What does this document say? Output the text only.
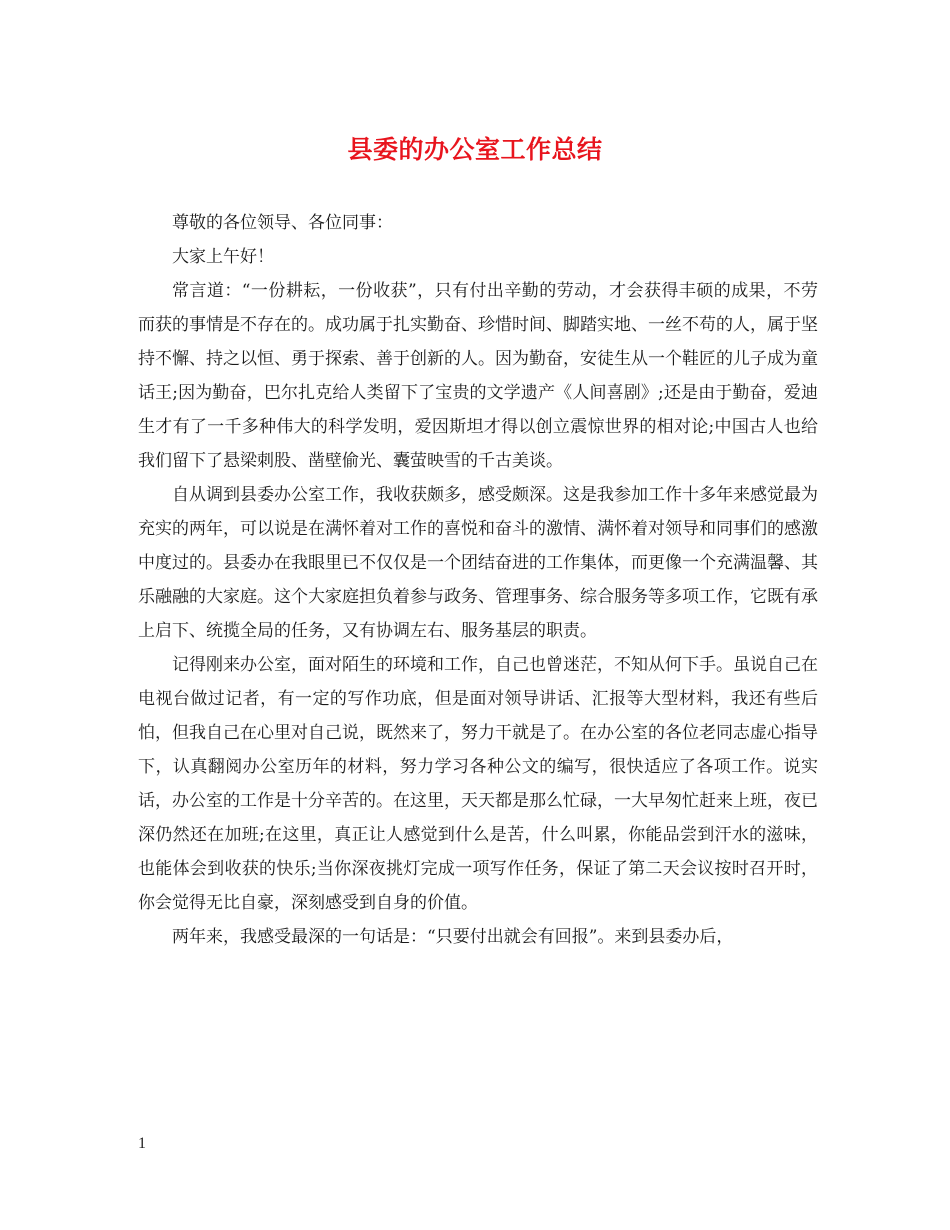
县委的办公室工作总结

尊敬的各位领导、各位同事：

大家上午好！

常言道：“一份耕耘，一份收获”，只有付出辛勤的劳动，才会获得丰硕的成果，不劳而获的事情是不存在的。成功属于扎实勤奋、珍惜时间、脚踏实地、一丝不苟的人，属于坚持不懈、持之以恒、勇于探索、善于创新的人。因为勤奋，安徒生从一个鞋匠的儿子成为童话王;因为勤奋，巴尔扎克给人类留下了宝贵的文学遗产《人间喜剧》;还是由于勤奋，爱迪生才有了一千多种伟大的科学发明，爱因斯坦才得以创立震惊世界的相对论;中国古人也给我们留下了悬梁刺股、凿壁偷光、囊萤映雪的千古美谈。

自从调到县委办公室工作，我收获颇多，感受颇深。这是我参加工作十多年来感觉最为充实的两年，可以说是在满怀着对工作的喜悦和奋斗的激情、满怀着对领导和同事们的感激中度过的。县委办在我眼里已不仅仅是一个团结奋进的工作集体，而更像一个充满温馨、其乐融融的大家庭。这个大家庭担负着参与政务、管理事务、综合服务等多项工作，它既有承上启下、统揽全局的任务，又有协调左右、服务基层的职责。

记得刚来办公室，面对陌生的环境和工作，自己也曾迷茫，不知从何下手。虽说自己在电视台做过记者，有一定的写作功底，但是面对领导讲话、汇报等大型材料，我还有些后怕，但我自己在心里对自己说，既然来了，努力干就是了。在办公室的各位老同志虚心指导下，认真翻阅办公室历年的材料，努力学习各种公文的编写，很快适应了各项工作。说实话，办公室的工作是十分辛苦的。在这里，天天都是那么忙碌，一大早匆忙赶来上班，夜已深仍然还在加班;在这里，真正让人感觉到什么是苦，什么叫累，你能品尝到汗水的滋味，也能体会到收获的快乐;当你深夜挑灯完成一项写作任务，保证了第二天会议按时召开时，你会觉得无比自豪，深刻感受到自身的价值。

两年来，我感受最深的一句话是：“只要付出就会有回报”。来到县委办后，

1
